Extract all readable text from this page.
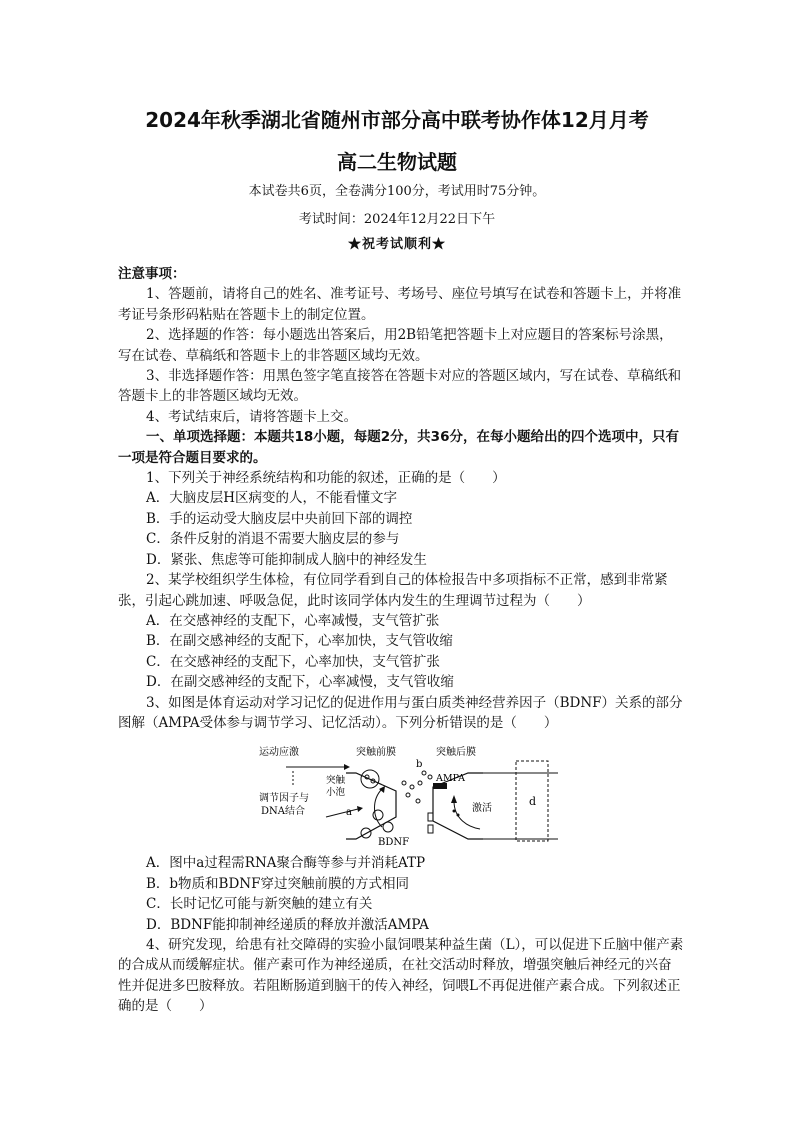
2024年秋季湖北省随州市部分高中联考协作体12月月考
高二生物试题
本试卷共6页，全卷满分100分，考试用时75分钟。
考试时间：2024年12月22日下午
★祝考试顺利★

注意事项：

1、答题前，请将自己的姓名、准考证号、考场号、座位号填写在试卷和答题卡上，并将准考证号条形码粘贴在答题卡上的制定位置。

2、选择题的作答：每小题选出答案后，用2B铅笔把答题卡上对应题目的答案标号涂黑，写在试卷、草稿纸和答题卡上的非答题区域均无效。

3、非选择题作答：用黑色签字笔直接答在答题卡对应的答题区域内，写在试卷、草稿纸和答题卡上的非答题区域均无效。

4、考试结束后，请将答题卡上交。

一、单项选择题：本题共18小题，每题2分，共36分，在每小题给出的四个选项中，只有一项是符合题目要求的。

1、下列关于神经系统结构和功能的叙述，正确的是（　　）

A．大脑皮层H区病变的人，不能看懂文字

B．手的运动受大脑皮层中央前回下部的调控

C．条件反射的消退不需要大脑皮层的参与

D．紧张、焦虑等可能抑制成人脑中的神经发生

2、某学校组织学生体检，有位同学看到自己的体检报告中多项指标不正常，感到非常紧张，引起心跳加速、呼吸急促，此时该同学体内发生的生理调节过程为（　　）

A．在交感神经的支配下，心率减慢，支气管扩张

B．在副交感神经的支配下，心率加快，支气管收缩

C．在交感神经的支配下，心率加快，支气管扩张

D．在副交感神经的支配下，心率减慢，支气管收缩

3、如图是体育运动对学习记忆的促进作用与蛋白质类神经营养因子（BDNF）关系的部分图解（AMPA受体参与调节学习、记忆活动）。下列分析错误的是（　　）

运动应激	突触前膜	突触后膜
b
AMPA
突触
小泡
调节因子与
DNA结合	a	激活
BDNF
d

A．图中a过程需RNA聚合酶等参与并消耗ATP

B．b物质和BDNF穿过突触前膜的方式相同

C．长时记忆可能与新突触的建立有关

D．BDNF能抑制神经递质的释放并激活AMPA

4、研究发现，给患有社交障碍的实验小鼠饲喂某种益生菌（L），可以促进下丘脑中催产素的合成从而缓解症状。催产素可作为神经递质，在社交活动时释放，增强突触后神经元的兴奋性并促进多巴胺释放。若阻断肠道到脑干的传入神经，饲喂L不再促进催产素合成。下列叙述正确的是（　　）
